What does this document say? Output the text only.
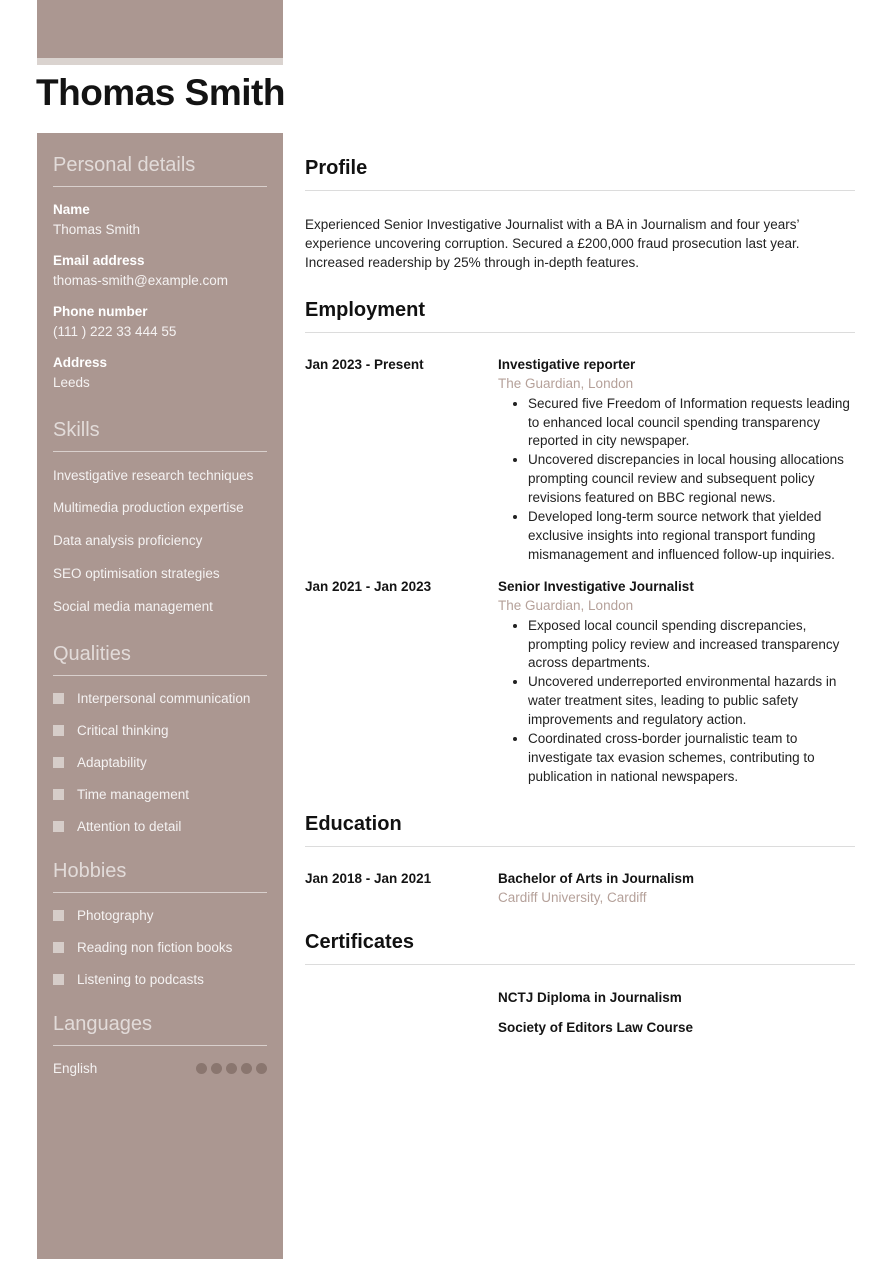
Thomas Smith
Personal details
Name
Thomas Smith
Email address
thomas-smith@example.com
Phone number
(111 ) 222 33 444 55
Address
Leeds
Skills
Investigative research techniques
Multimedia production expertise
Data analysis proficiency
SEO optimisation strategies
Social media management
Qualities
Interpersonal communication
Critical thinking
Adaptability
Time management
Attention to detail
Hobbies
Photography
Reading non fiction books
Listening to podcasts
Languages
English
Profile

Experienced Senior Investigative Journalist with a BA in Journalism and four years’ experience uncovering corruption. Secured a £200,000 fraud prosecution last year. Increased readership by 25% through in-depth features.

Employment
Jan 2023 - Present	Investigative reporter
The Guardian, London
• Secured five Freedom of Information requests leading to enhanced local council spending transparency reported in city newspaper.
• Uncovered discrepancies in local housing allocations prompting council review and subsequent policy revisions featured on BBC regional news.
• Developed long-term source network that yielded exclusive insights into regional transport funding mismanagement and influenced follow-up inquiries.
Jan 2021 - Jan 2023	Senior Investigative Journalist
The Guardian, London
• Exposed local council spending discrepancies, prompting policy review and increased transparency across departments.
• Uncovered underreported environmental hazards in water treatment sites, leading to public safety improvements and regulatory action.
• Coordinated cross-border journalistic team to investigate tax evasion schemes, contributing to publication in national newspapers.
Education
Jan 2018 - Jan 2021	Bachelor of Arts in Journalism
Cardiff University, Cardiff
Certificates
NCTJ Diploma in Journalism
Society of Editors Law Course
